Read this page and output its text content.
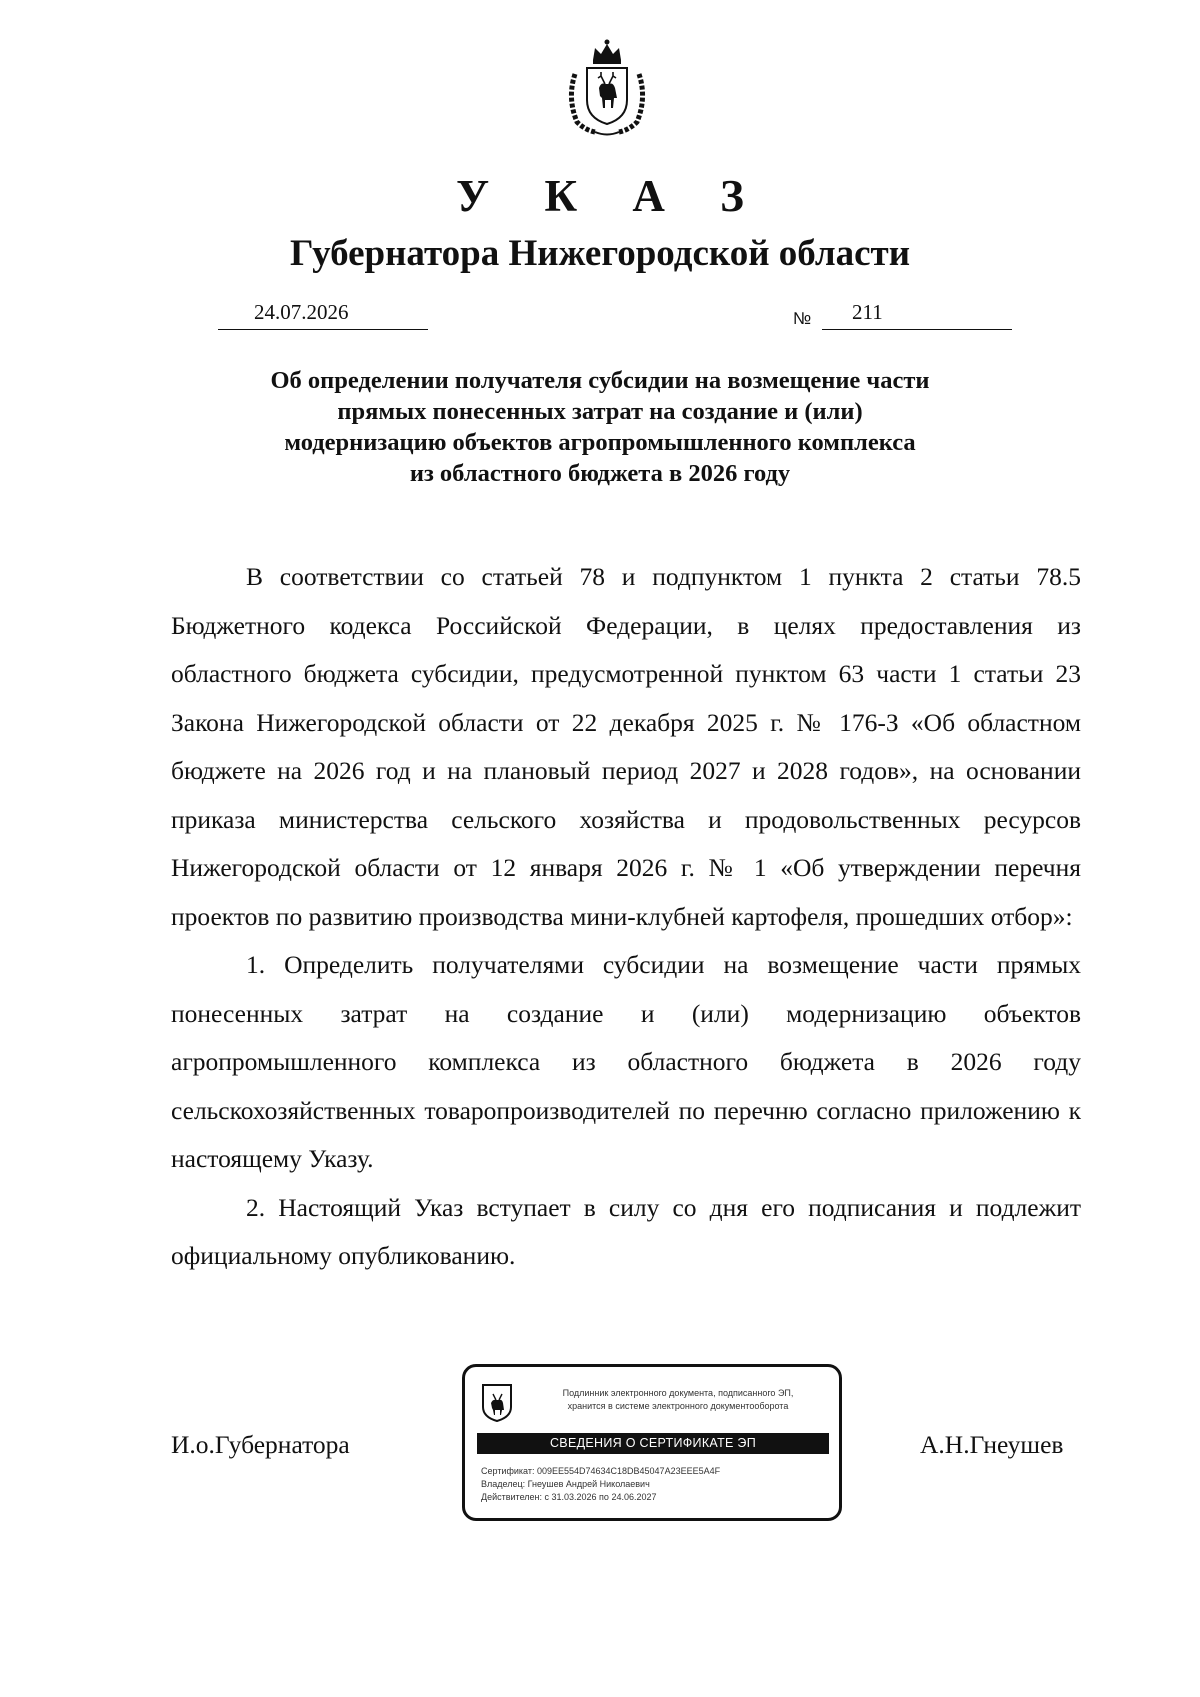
У К А З
Губернатора Нижегородской области
24.07.2026	№	211
Об определении получателя субсидии на возмещение части
прямых понесенных затрат на создание и (или)
модернизацию объектов агропромышленного комплекса
из областного бюджета в 2026 году

В соответствии со статьей 78 и подпунктом 1 пункта 2 статьи 78.5 Бюджетного кодекса Российской Федерации, в целях предоставления из областного бюджета субсидии, предусмотренной пунктом 63 части 1 статьи 23 Закона Нижегородской области от 22 декабря 2025 г. № 176-З «Об областном бюджете на 2026 год и на плановый период 2027 и 2028 годов», на основании приказа министерства сельского хозяйства и продовольственных ресурсов Нижегородской области от 12 января 2026 г. № 1 «Об утверждении перечня проектов по развитию производства мини-клубней картофеля, прошедших отбор»:

1. Определить получателями субсидии на возмещение части прямых понесенных затрат на создание и (или) модернизацию объектов агропромышленного комплекса из областного бюджета в 2026 году сельскохозяйственных товаропроизводителей по перечню согласно приложению к настоящему Указу.

2. Настоящий Указ вступает в силу со дня его подписания и подлежит официальному опубликованию.

И.о.Губернатора	А.Н.Гнеушев
Подлинник электронного документа, подписанного ЭП,
хранится в системе электронного документооборота
СВЕДЕНИЯ О СЕРТИФИКАТЕ ЭП
Сертификат: 009EE554D74634C18DB45047A23EEE5A4F
Владелец: Гнеушев Андрей Николаевич
Действителен: с 31.03.2026 по 24.06.2027
